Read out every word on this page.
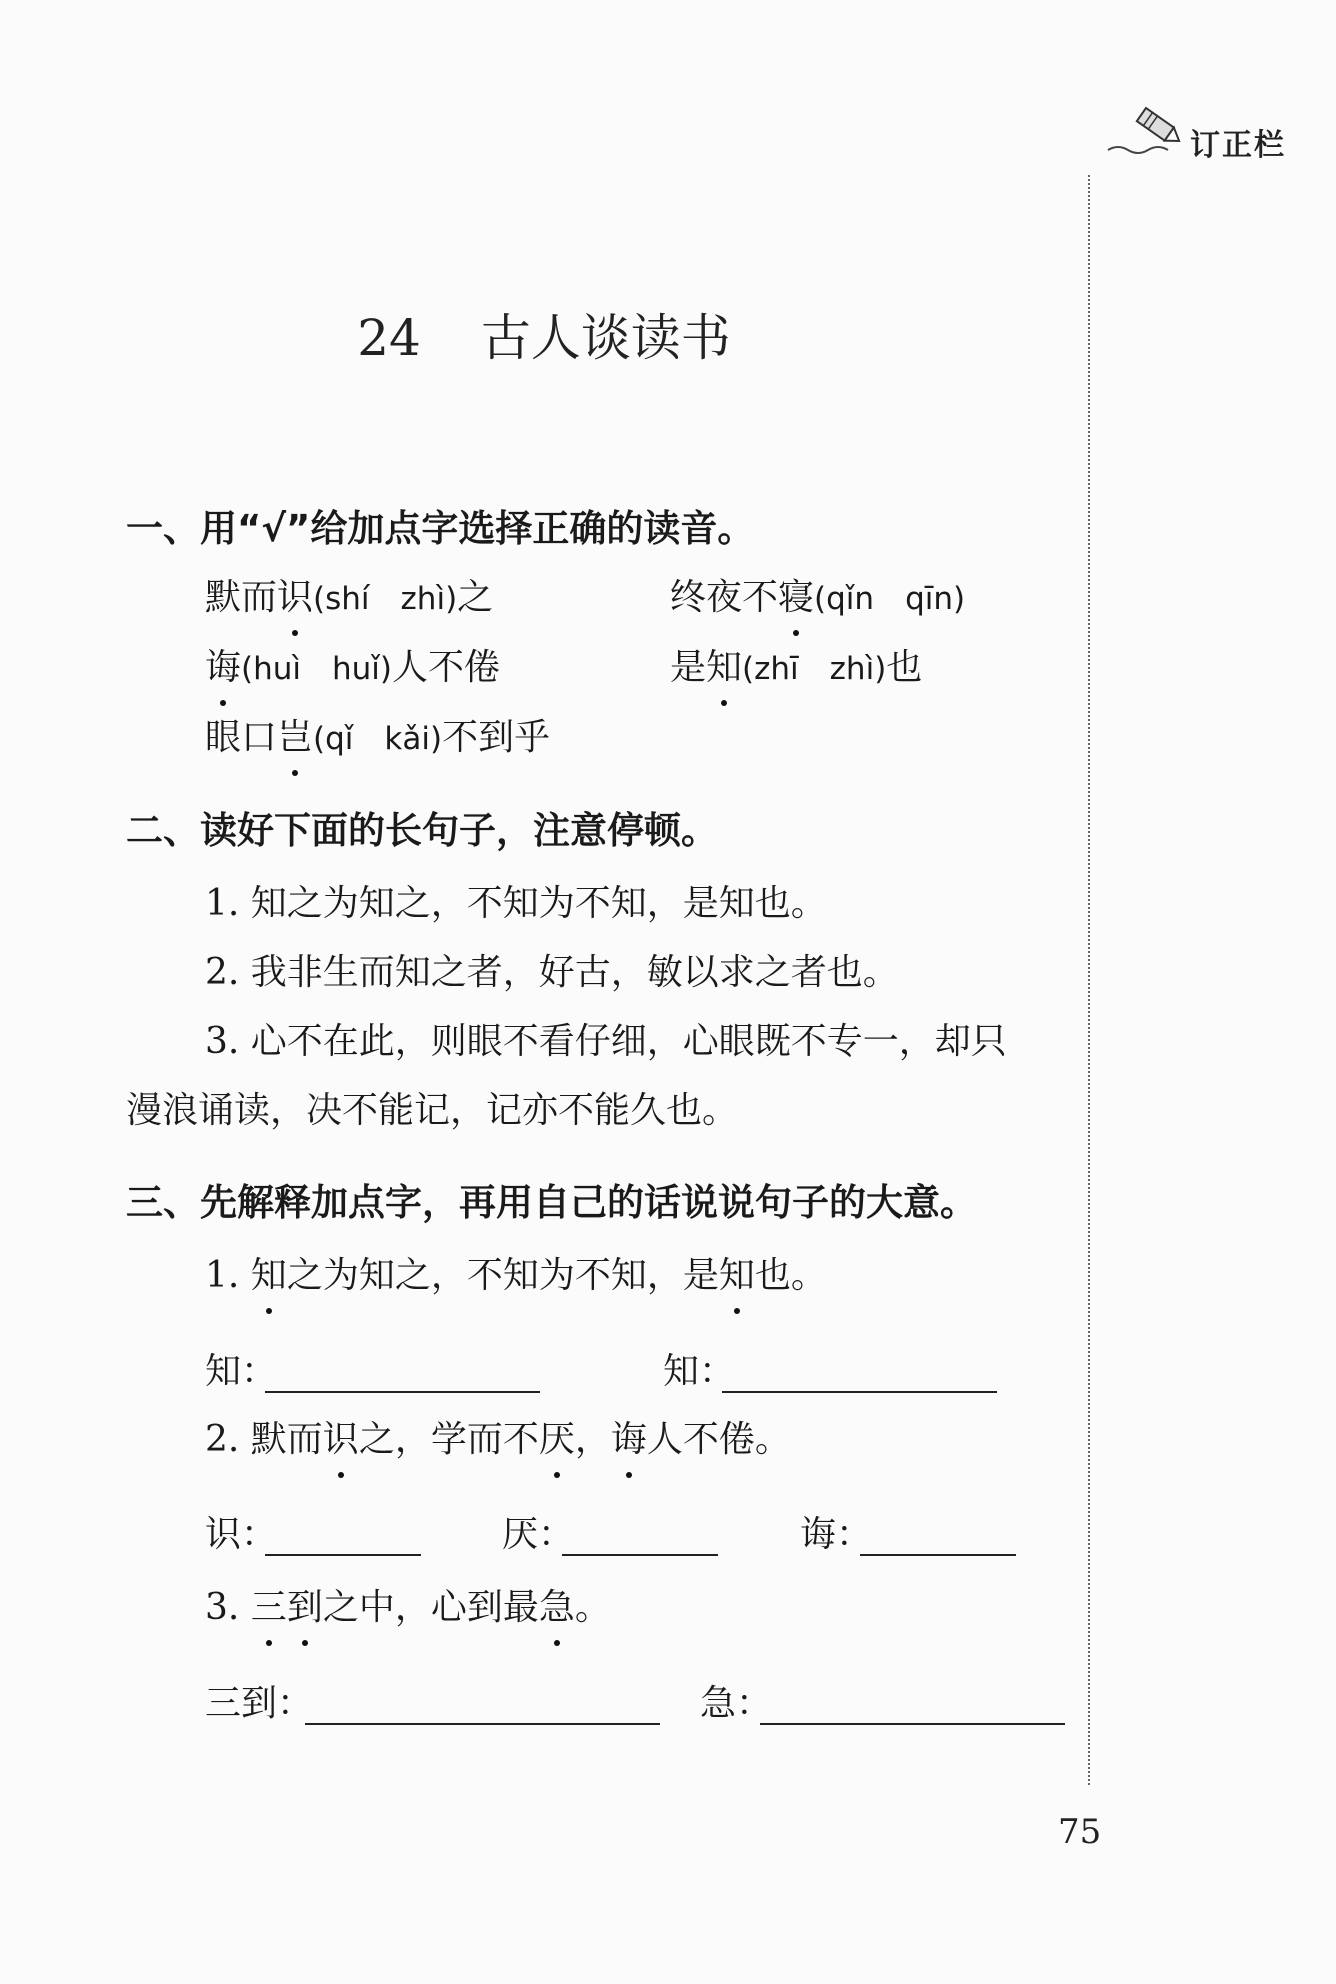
订正栏
24 古人谈读书
一、用“√”给加点字选择正确的读音。
默而识(shí　zhì)之	终夜不寝(qǐn　qīn)
诲(huì　huǐ)人不倦	是知(zhī　zhì)也
眼口岂(qǐ　kǎi)不到乎
二、读好下面的长句子，注意停顿。
1. 知之为知之，不知为不知，是知也。
2. 我非生而知之者，好古，敏以求之者也。
3. 心不在此，则眼不看仔细，心眼既不专一，却只
漫浪诵读，决不能记，记亦不能久也。
三、先解释加点字，再用自己的话说说句子的大意。
1. 知之为知之，不知为不知，是知也。
知：	知：
2. 默而识之，学而不厌，诲人不倦。
识：	厌：	诲：
3. 三到之中，心到最急。
三到：	急：
75
